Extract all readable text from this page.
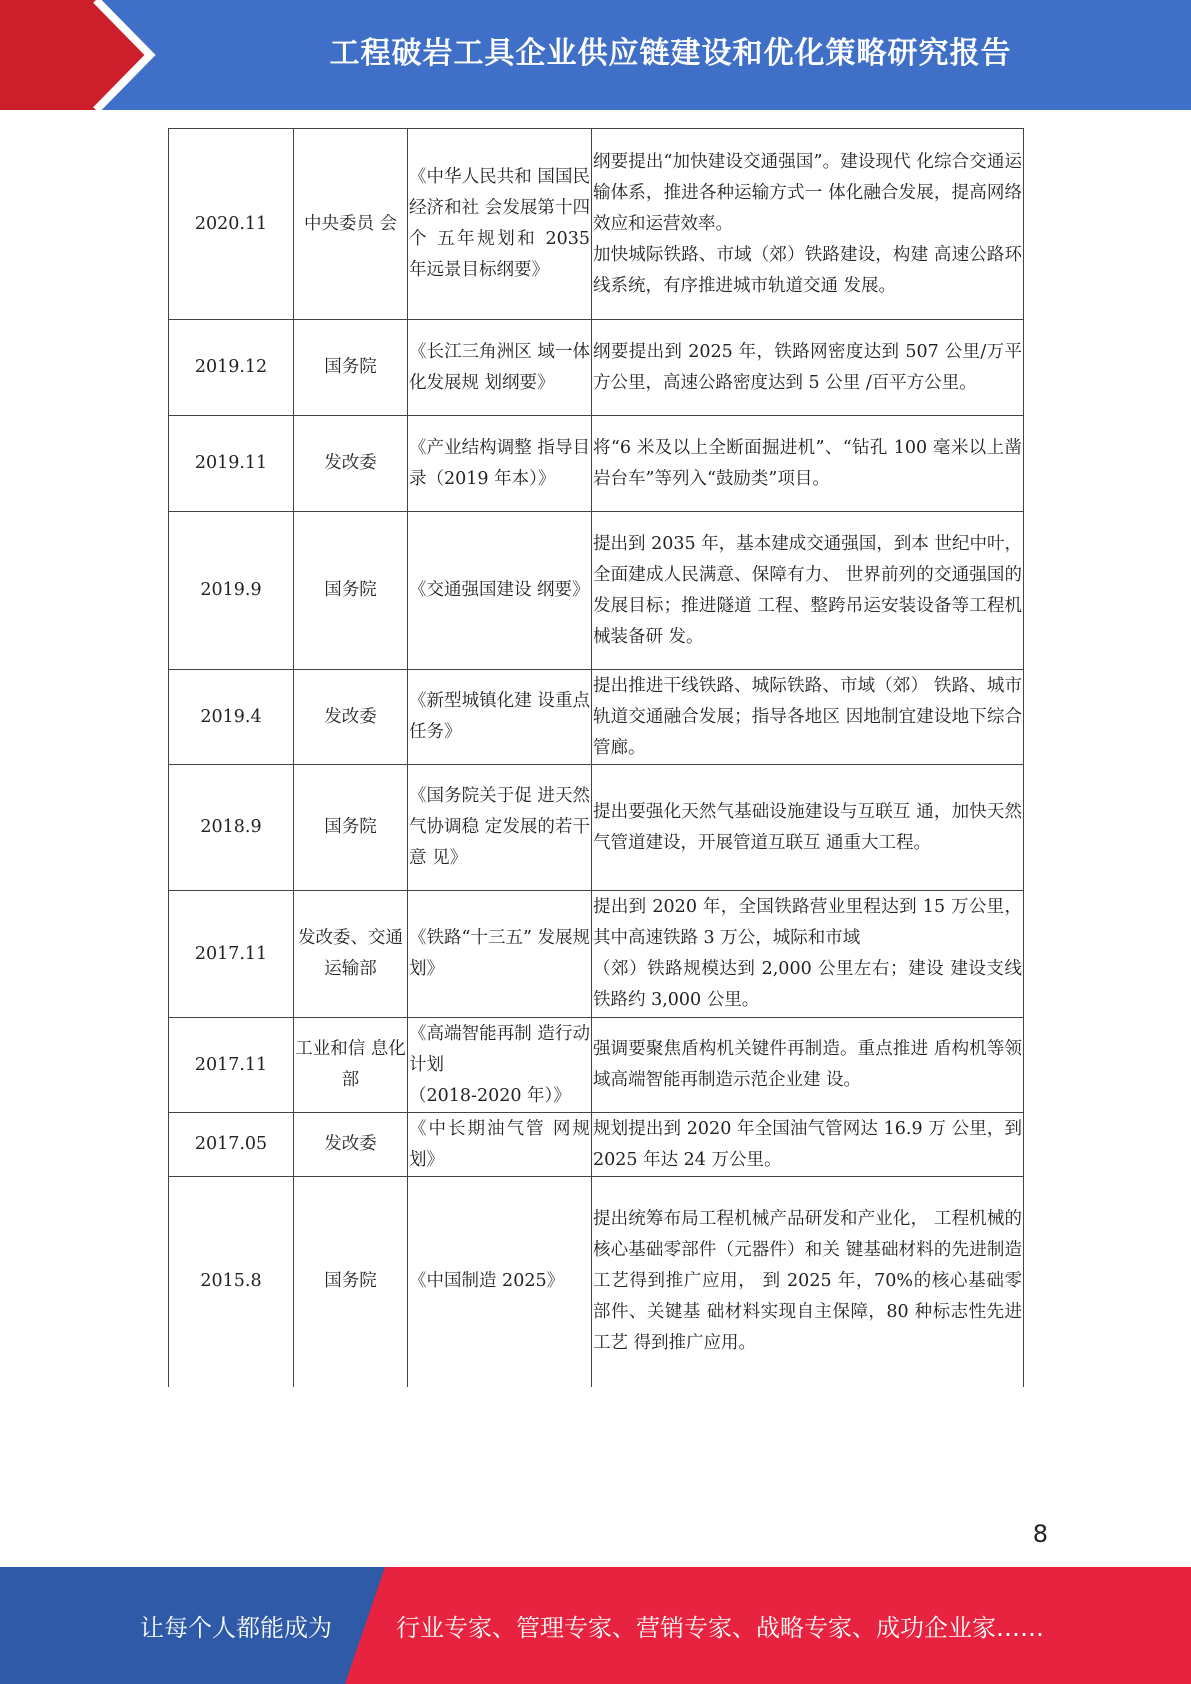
工程破岩工具企业供应链建设和优化策略研究报告
2020.11	中央委员 会	《中华人民共和 国国民经济和社 会发展第十四个 五年规划和 2035 年远景目标纲要》	纲要提出“加快建设交通强国”。建设现代 化综合交通运输体系，推进各种运输方式一 体化融合发展，提高网络效应和运营效率。
加快城际铁路、市域（郊）铁路建设，构建 高速公路环线系统，有序推进城市轨道交通 发展。
2019.12	国务院	《长江三角洲区 域一体化发展规 划纲要》	纲要提出到 2025 年，铁路网密度达到 507 公里/万平方公里，高速公路密度达到 5 公里 /百平方公里。
2019.11	发改委	《产业结构调整 指导目录（2019 年本）》	将“6 米及以上全断面掘进机”、“钻孔 100 毫米以上凿岩台车”等列入“鼓励类”项目。
2019.9	国务院	《交通强国建设 纲要》	提出到 2035 年，基本建成交通强国，到本 世纪中叶，全面建成人民满意、保障有力、 世界前列的交通强国的发展目标；推进隧道 工程、整跨吊运安装设备等工程机械装备研 发。
2019.4	发改委	《新型城镇化建 设重点任务》	提出推进干线铁路、城际铁路、市域（郊） 铁路、城市轨道交通融合发展；指导各地区 因地制宜建设地下综合管廊。
2018.9	国务院	《国务院关于促 进天然气协调稳 定发展的若干意 见》	提出要强化天然气基础设施建设与互联互 通，加快天然气管道建设，开展管道互联互 通重大工程。
2017.11	发改委、交通运输部	《铁路“十三五” 发展规划》	提出到 2020 年，全国铁路营业里程达到 15 万公里，其中高速铁路 3 万公，城际和市域
（郊）铁路规模达到 2,000 公里左右；建设 建设支线铁路约 3,000 公里。
2017.11	工业和信 息化部	《高端智能再制 造行动计划
（2018-2020 年）》	强调要聚焦盾构机关键件再制造。重点推进 盾构机等领域高端智能再制造示范企业建 设。
2017.05	发改委	《中长期油气管 网规划》	规划提出到 2020 年全国油气管网达 16.9 万 公里，到 2025 年达 24 万公里。
2015.8	国务院	《中国制造 2025》	提出统筹布局工程机械产品研发和产业化， 工程机械的核心基础零部件（元器件）和关 键基础材料的先进制造工艺得到推广应用， 到 2025 年，70%的核心基础零部件、关键基 础材料实现自主保障，80 种标志性先进工艺 得到推广应用。
8
让每个人都能成为	行业专家、管理专家、营销专家、战略专家、成功企业家……
